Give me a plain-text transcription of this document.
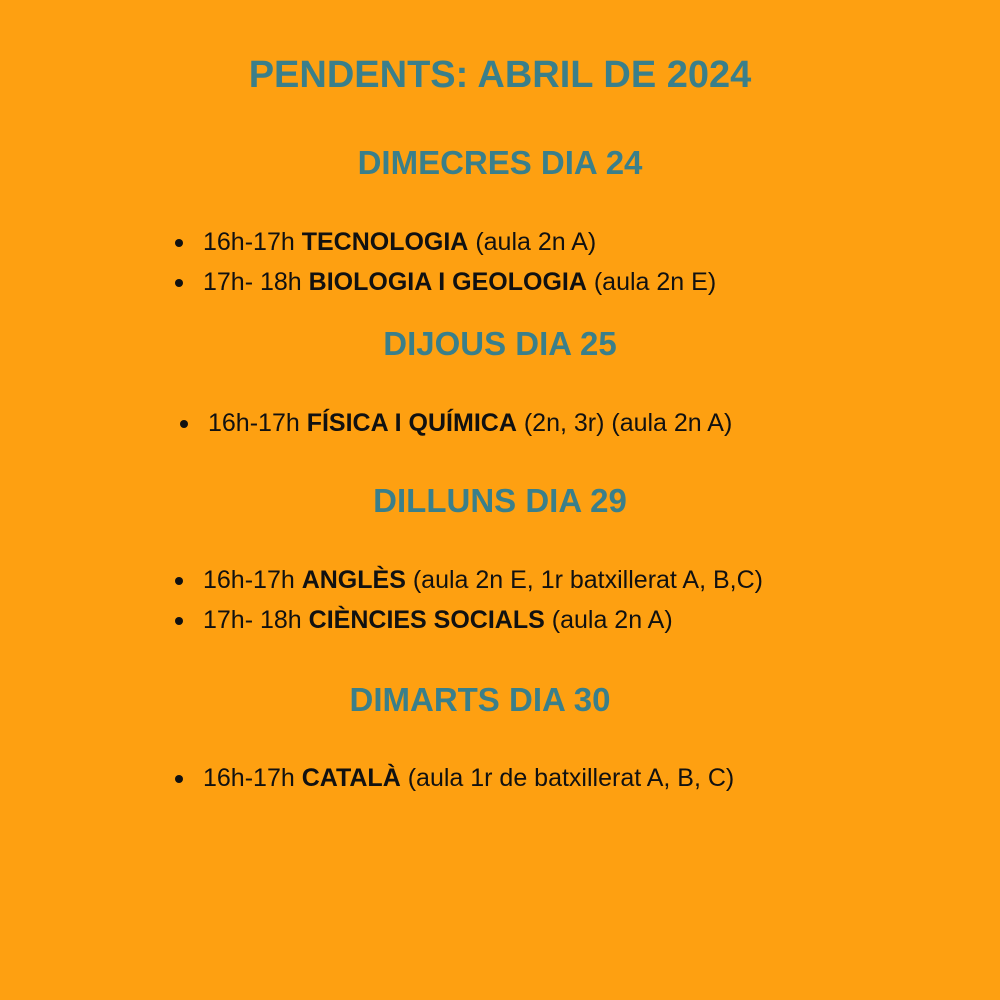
PENDENTS: ABRIL DE 2024
DIMECRES DIA 24
16h-17h TECNOLOGIA (aula 2n A)
17h- 18h BIOLOGIA I GEOLOGIA (aula 2n E)
DIJOUS DIA 25
16h-17h FÍSICA I QUÍMICA (2n, 3r) (aula 2n A)
DILLUNS DIA 29
16h-17h ANGLÈS (aula 2n E, 1r batxillerat A, B,C)
17h- 18h CIÈNCIES SOCIALS (aula 2n A)
DIMARTS DIA 30
16h-17h CATALÀ (aula 1r de batxillerat A, B, C)
